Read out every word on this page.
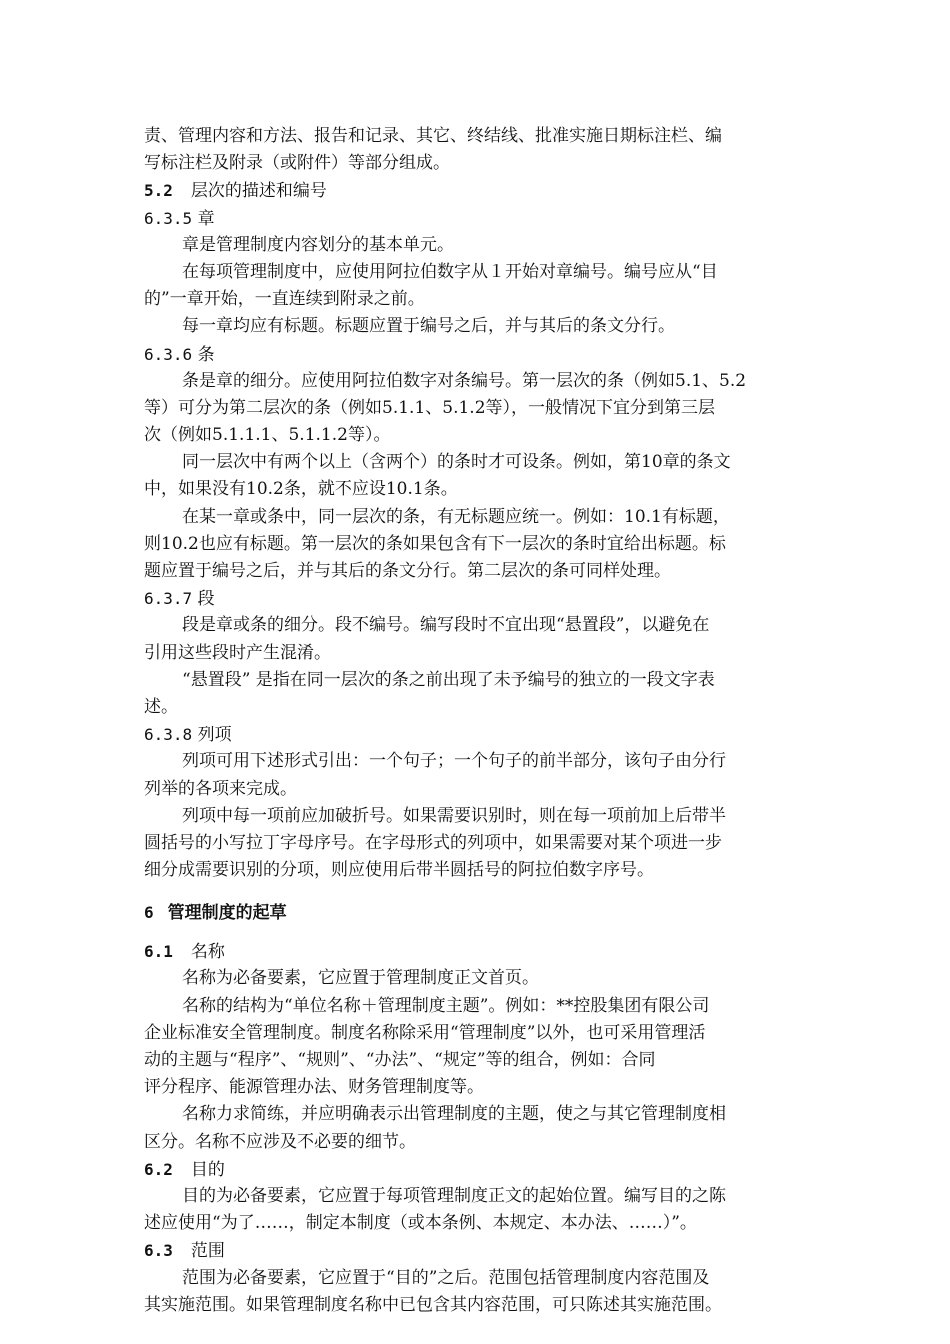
责、管理内容和方法、报告和记录、其它、终结线、批准实施日期标注栏、编
写标注栏及附录（或附件）等部分组成。
5.2 层次的描述和编号
6.3.5 章
章是管理制度内容划分的基本单元。
在每项管理制度中，应使用阿拉伯数字从１开始对章编号。编号应从“目
的”一章开始，一直连续到附录之前。
每一章均应有标题。标题应置于编号之后，并与其后的条文分行。
6.3.6 条
条是章的细分。应使用阿拉伯数字对条编号。第一层次的条（例如5.1、5.2
等）可分为第二层次的条（例如5.1.1、5.1.2等），一般情况下宜分到第三层
次（例如5.1.1.1、5.1.1.2等）。
同一层次中有两个以上（含两个）的条时才可设条。例如，第10章的条文
中，如果没有10.2条，就不应设10.1条。
在某一章或条中，同一层次的条，有无标题应统一。例如：10.1有标题，
则10.2也应有标题。第一层次的条如果包含有下一层次的条时宜给出标题。标
题应置于编号之后，并与其后的条文分行。第二层次的条可同样处理。
6.3.7 段
段是章或条的细分。段不编号。编写段时不宜出现“悬置段”，以避免在
引用这些段时产生混淆。
“悬置段” 是指在同一层次的条之前出现了未予编号的独立的一段文字表
述。
6.3.8 列项
列项可用下述形式引出：一个句子；一个句子的前半部分，该句子由分行
列举的各项来完成。
列项中每一项前应加破折号。如果需要识别时，则在每一项前加上后带半
圆括号的小写拉丁字母序号。在字母形式的列项中，如果需要对某个项进一步
细分成需要识别的分项，则应使用后带半圆括号的阿拉伯数字序号。
6 管理制度的起草
6.1 名称
名称为必备要素，它应置于管理制度正文首页。
名称的结构为“单位名称＋管理制度主题”。例如：**控股集团有限公司
企业标准安全管理制度。制度名称除采用“管理制度”以外，也可采用管理活
动的主题与“程序”、“规则”、“办法”、“规定”等的组合，例如：合同
评分程序、能源管理办法、财务管理制度等。
名称力求简练，并应明确表示出管理制度的主题，使之与其它管理制度相
区分。名称不应涉及不必要的细节。
6.2 目的
目的为必备要素，它应置于每项管理制度正文的起始位置。编写目的之陈
述应使用“为了……，制定本制度（或本条例、本规定、本办法、……）”。
6.3 范围
范围为必备要素，它应置于“目的”之后。范围包括管理制度内容范围及
其实施范围。如果管理制度名称中已包含其内容范围，可只陈述其实施范围。
